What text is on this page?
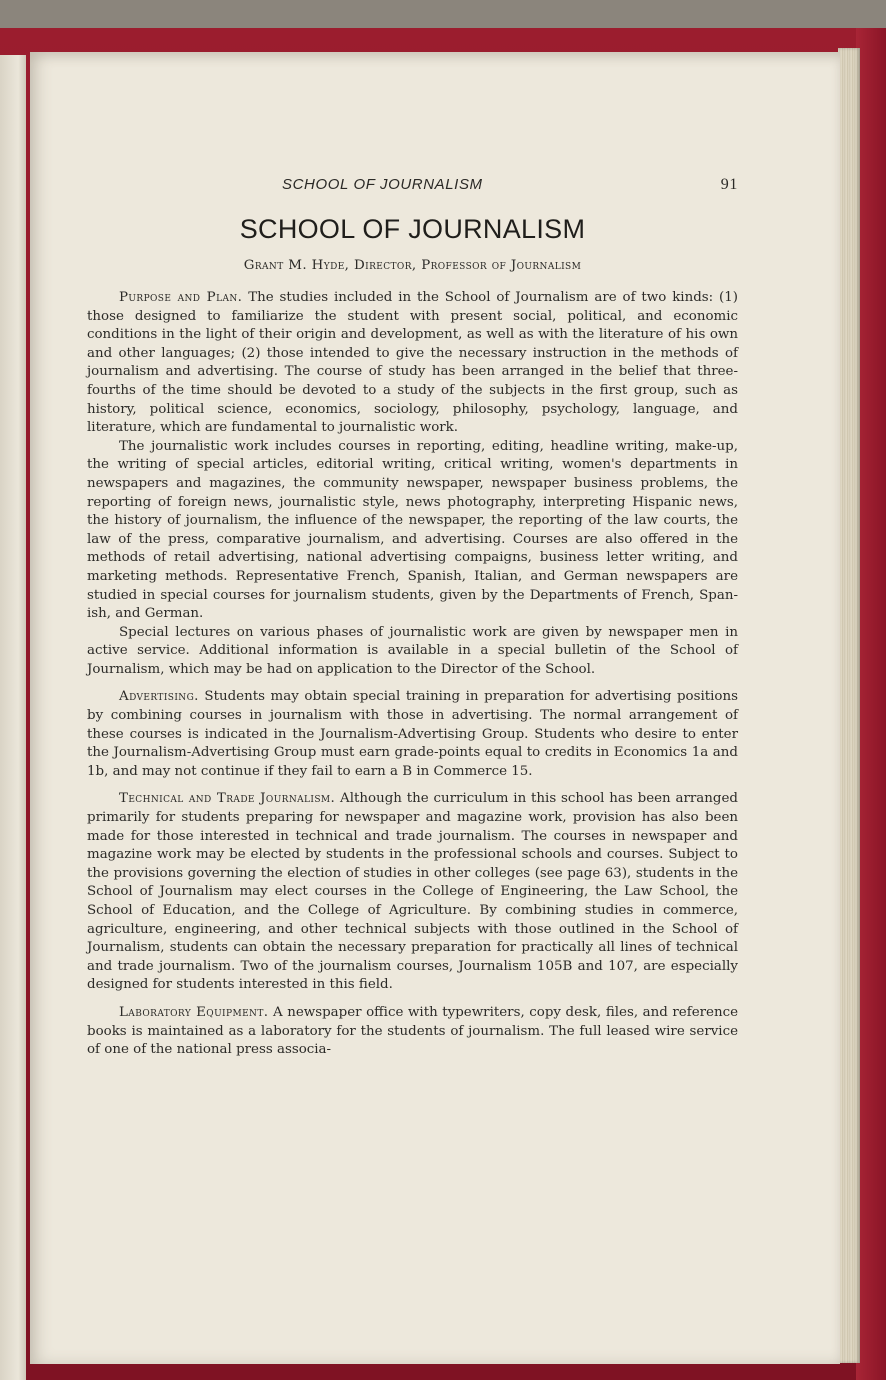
SCHOOL OF JOURNALISM	91
SCHOOL OF JOURNALISM
Grant M. Hyde, Director, Professor of Journalism

Purpose and Plan. The studies included in the School of Journalism are of two kinds: (1) those designed to familiarize the student with present social, political, and economic conditions in the light of their origin and development, as well as with the literature of his own and other languages; (2) those intended to give the necessary instruction in the methods of journalism and advertising. The course of study has been arranged in the belief that three-fourths of the time should be devoted to a study of the subjects in the first group, such as history, political science, economics, sociology, philosophy, psychology, language, and literature, which are fundamental to journalistic work.

The journalistic work includes courses in reporting, editing, headline writing, make-up, the writing of special articles, editorial writing, critical writing, women's departments in newspapers and magazines, the community newspaper, newspaper business problems, the reporting of foreign news, journalistic style, news photography, interpreting Hispanic news, the history of journalism, the influence of the newspaper, the reporting of the law courts, the law of the press, comparative journalism, and advertising. Courses are also offered in the methods of retail advertising, national advertising compaigns, business letter writing, and marketing methods. Representative French, Spanish, Italian, and German newspapers are studied in special courses for journalism students, given by the Departments of French, Spanish, and German.

Special lectures on various phases of journalistic work are given by newspaper men in active service. Additional information is available in a special bulletin of the School of Journalism, which may be had on application to the Director of the School.

Advertising. Students may obtain special training in preparation for advertising positions by combining courses in journalism with those in advertising. The normal arrangement of these courses is indicated in the Journalism-Advertising Group. Students who desire to enter the Journalism-Advertising Group must earn grade-points equal to credits in Economics 1a and 1b, and may not continue if they fail to earn a B in Commerce 15.

Technical and Trade Journalism. Although the curriculum in this school has been arranged primarily for students preparing for newspaper and magazine work, provision has also been made for those interested in technical and trade journalism. The courses in newspaper and magazine work may be elected by students in the professional schools and courses. Subject to the provisions governing the election of studies in other colleges (see page 63), students in the School of Journalism may elect courses in the College of Engineering, the Law School, the School of Education, and the College of Agriculture. By combining studies in commerce, agriculture, engineering, and other technical subjects with those outlined in the School of Journalism, students can obtain the necessary preparation for practically all lines of technical and trade journalism. Two of the journalism courses, Journalism 105B and 107, are especially designed for students interested in this field.

Laboratory Equipment. A newspaper office with typewriters, copy desk, files, and reference books is maintained as a laboratory for the students of journalism. The full leased wire service of one of the national press associa-
